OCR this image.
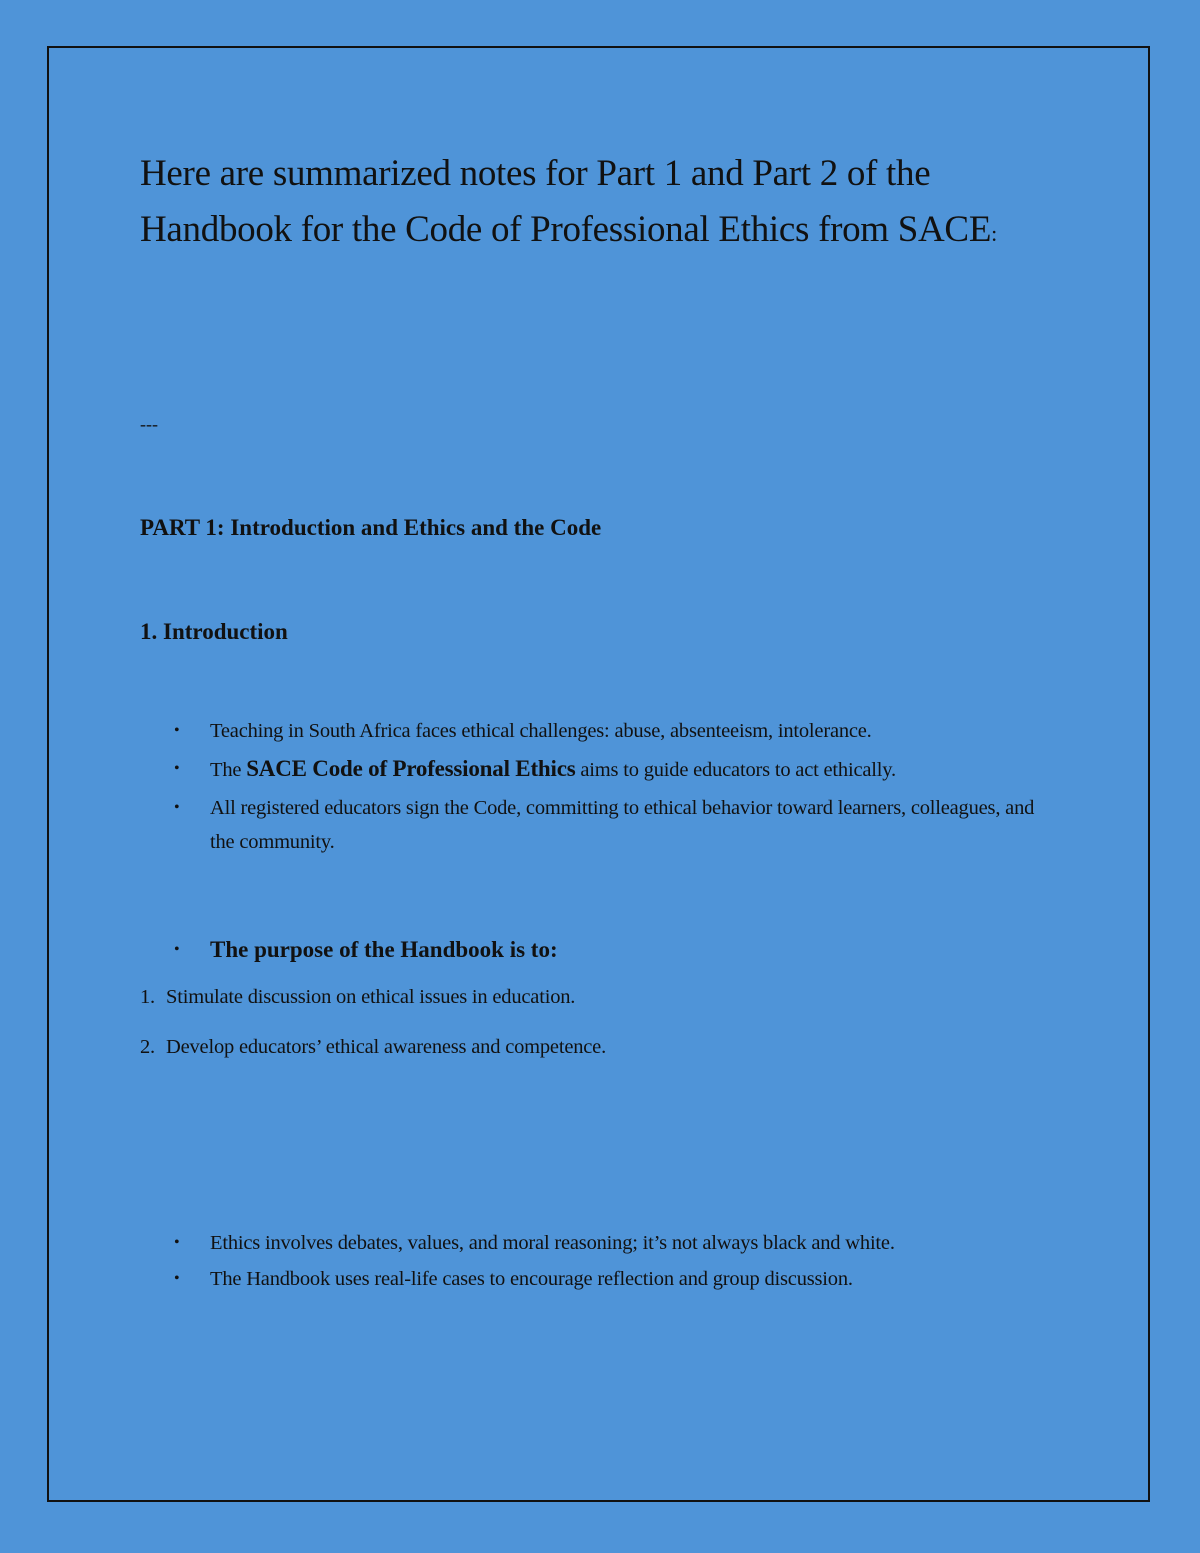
Here are summarized notes for Part 1 and Part 2 of the Handbook for the Code of Professional Ethics from SACE:
---
PART 1: Introduction and Ethics and the Code
1. Introduction
• Teaching in South Africa faces ethical challenges: abuse, absenteeism, intolerance.
• The SACE Code of Professional Ethics aims to guide educators to act ethically.
• All registered educators sign the Code, committing to ethical behavior toward learners, colleagues, and the community.
• The purpose of the Handbook is to:
1. Stimulate discussion on ethical issues in education.
2. Develop educators’ ethical awareness and competence.
• Ethics involves debates, values, and moral reasoning; it’s not always black and white.
• The Handbook uses real-life cases to encourage reflection and group discussion.
